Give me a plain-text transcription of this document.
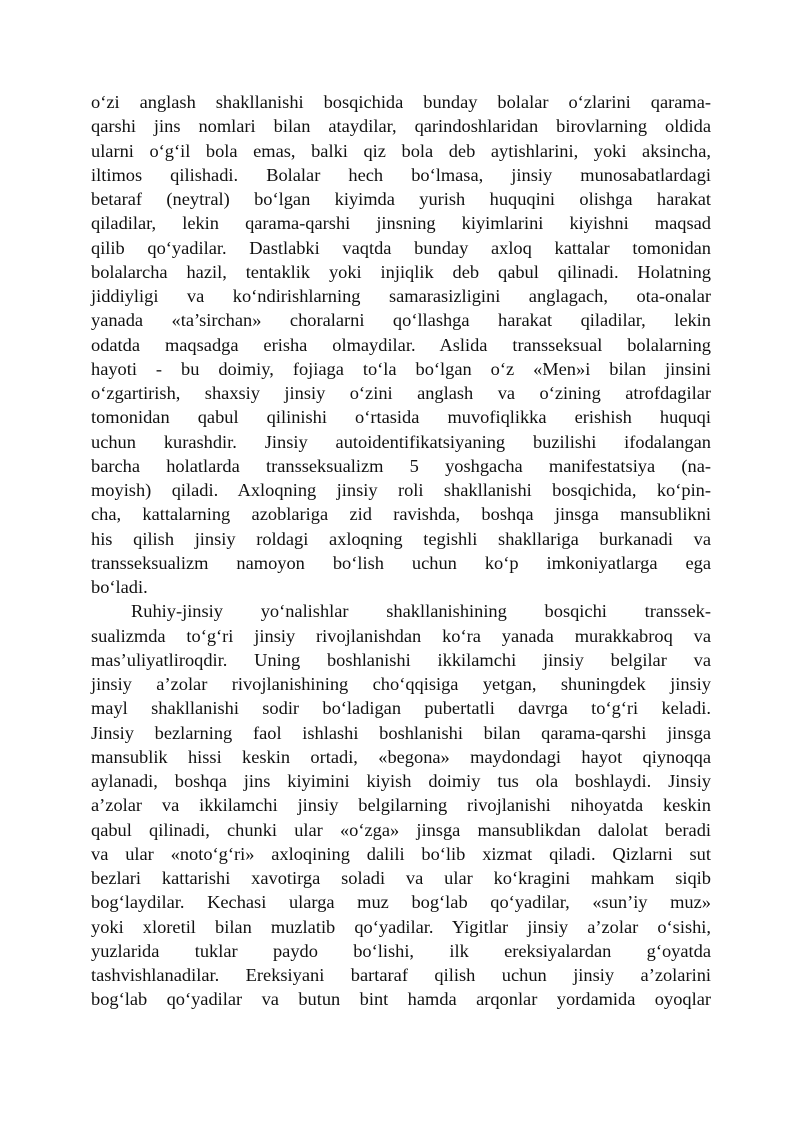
o‘zi anglash shakllanishi bosqichida bunday bolalar o‘zlarini qarama-
qarshi jins nomlari bilan ataydilar, qarindoshlaridan birovlarning oldida
ularni o‘g‘il bola emas, balki qiz bola deb aytishlarini, yoki aksincha,
iltimos qilishadi. Bolalar hech bo‘lmasa, jinsiy munosabatlardagi
betaraf (neytral) bo‘lgan kiyimda yurish huquqini olishga harakat
qiladilar, lekin qarama-qarshi jinsning kiyimlarini kiyishni maqsad
qilib qo‘yadilar. Dastlabki vaqtda bunday axloq kattalar tomonidan
bolalarcha hazil, tentaklik yoki injiqlik deb qabul qilinadi. Holatning
jiddiyligi va ko‘ndirishlarning samarasizligini anglagach, ota-onalar
yanada «ta’sirchan» choralarni qo‘llashga harakat qiladilar, lekin
odatda maqsadga erisha olmaydilar. Aslida transseksual bolalarning
hayoti - bu doimiy, fojiaga to‘la bo‘lgan o‘z «Men»i bilan jinsini
o‘zgartirish, shaxsiy jinsiy o‘zini anglash va o‘zining atrofdagilar
tomonidan qabul qilinishi o‘rtasida muvofiqlikka erishish huquqi
uchun kurashdir. Jinsiy autoidentifikatsiyaning buzilishi ifodalangan
barcha holatlarda transseksualizm 5 yoshgacha manifestatsiya (na-
moyish) qiladi. Axloqning jinsiy roli shakllanishi bosqichida, ko‘pin-
cha, kattalarning azoblariga zid ravishda, boshqa jinsga mansublikni
his qilish jinsiy roldagi axloqning tegishli shakllariga burkanadi va
transseksualizm namoyon bo‘lish uchun ko‘p imkoniyatlarga ega
bo‘ladi.
Ruhiy-jinsiy yo‘nalishlar shakllanishining bosqichi transsek-
sualizmda to‘g‘ri jinsiy rivojlanishdan ko‘ra yanada murakkabroq va
mas’uliyatliroqdir. Uning boshlanishi ikkilamchi jinsiy belgilar va
jinsiy a’zolar rivojlanishining cho‘qqisiga yetgan, shuningdek jinsiy
mayl shakllanishi sodir bo‘ladigan pubertatli davrga to‘g‘ri keladi.
Jinsiy bezlarning faol ishlashi boshlanishi bilan qarama-qarshi jinsga
mansublik hissi keskin ortadi, «begona» maydondagi hayot qiynoqqa
aylanadi, boshqa jins kiyimini kiyish doimiy tus ola boshlaydi. Jinsiy
a’zolar va ikkilamchi jinsiy belgilarning rivojlanishi nihoyatda keskin
qabul qilinadi, chunki ular «o‘zga» jinsga mansublikdan dalolat beradi
va ular «noto‘g‘ri» axloqining dalili bo‘lib xizmat qiladi. Qizlarni sut
bezlari kattarishi xavotirga soladi va ular ko‘kragini mahkam siqib
bog‘laydilar. Kechasi ularga muz bog‘lab qo‘yadilar, «sun’iy muz»
yoki xloretil bilan muzlatib qo‘yadilar. Yigitlar jinsiy a’zolar o‘sishi,
yuzlarida tuklar paydo bo‘lishi, ilk ereksiyalardan g‘oyatda
tashvishlanadilar. Ereksiyani bartaraf qilish uchun jinsiy a’zolarini
bog‘lab qo‘yadilar va butun bint hamda arqonlar yordamida oyoqlar
